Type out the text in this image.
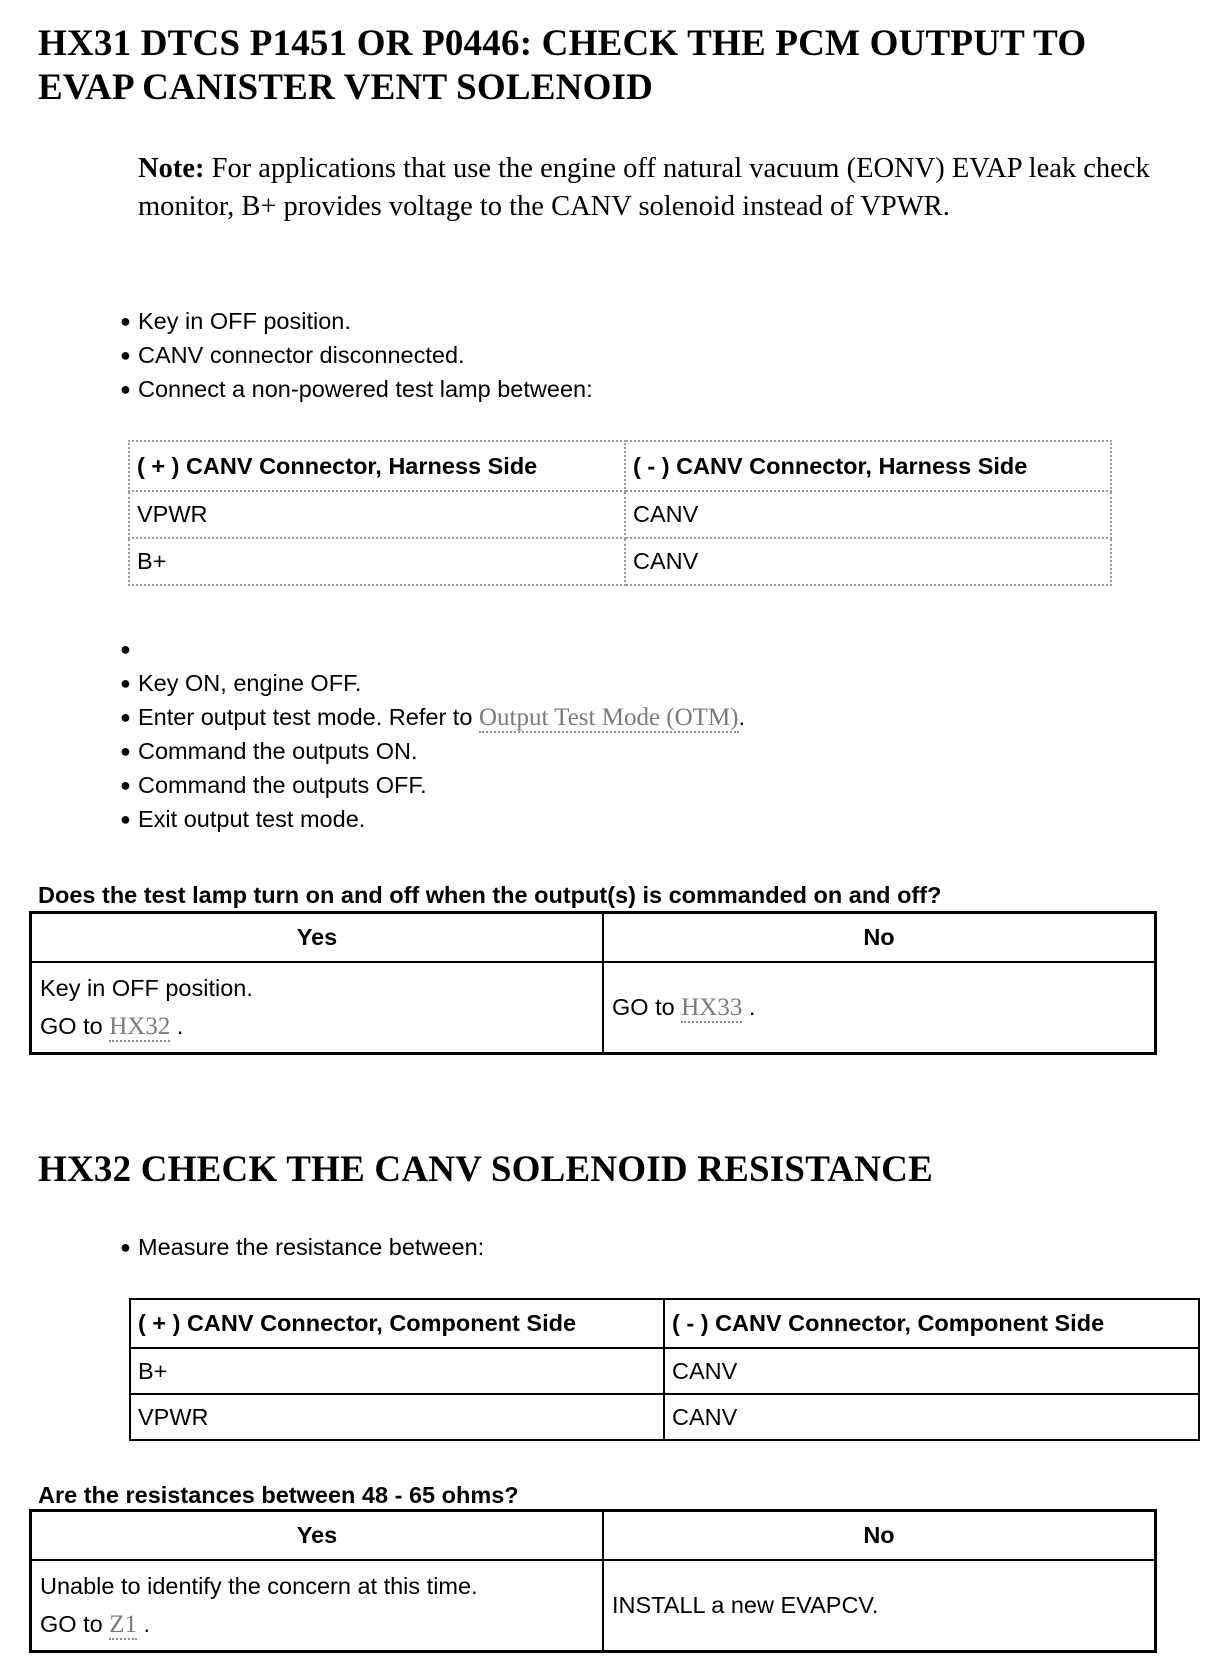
HX31 DTCS P1451 OR P0446: CHECK THE PCM OUTPUT TO EVAP CANISTER VENT SOLENOID
Note: For applications that use the engine off natural vacuum (EONV) EVAP leak check monitor, B+ provides voltage to the CANV solenoid instead of VPWR.
● Key in OFF position.
● CANV connector disconnected.
● Connect a non-powered test lamp between:
( + ) CANV Connector, Harness Side	( - ) CANV Connector, Harness Side
VPWR	CANV
B+	CANV
●
● Key ON, engine OFF.
● Enter output test mode. Refer to Output Test Mode (OTM).
● Command the outputs ON.
● Command the outputs OFF.
● Exit output test mode.
Does the test lamp turn on and off when the output(s) is commanded on and off?
Yes	No

Key in OFF position.
GO to HX32 .	GO to HX33 .
HX32 CHECK THE CANV SOLENOID RESISTANCE
● Measure the resistance between:
( + ) CANV Connector, Component Side	( - ) CANV Connector, Component Side
B+	CANV
VPWR	CANV
Are the resistances between 48 - 65 ohms?
Yes	No

Unable to identify the concern at this time.
GO to Z1 .	INSTALL a new EVAPCV.
